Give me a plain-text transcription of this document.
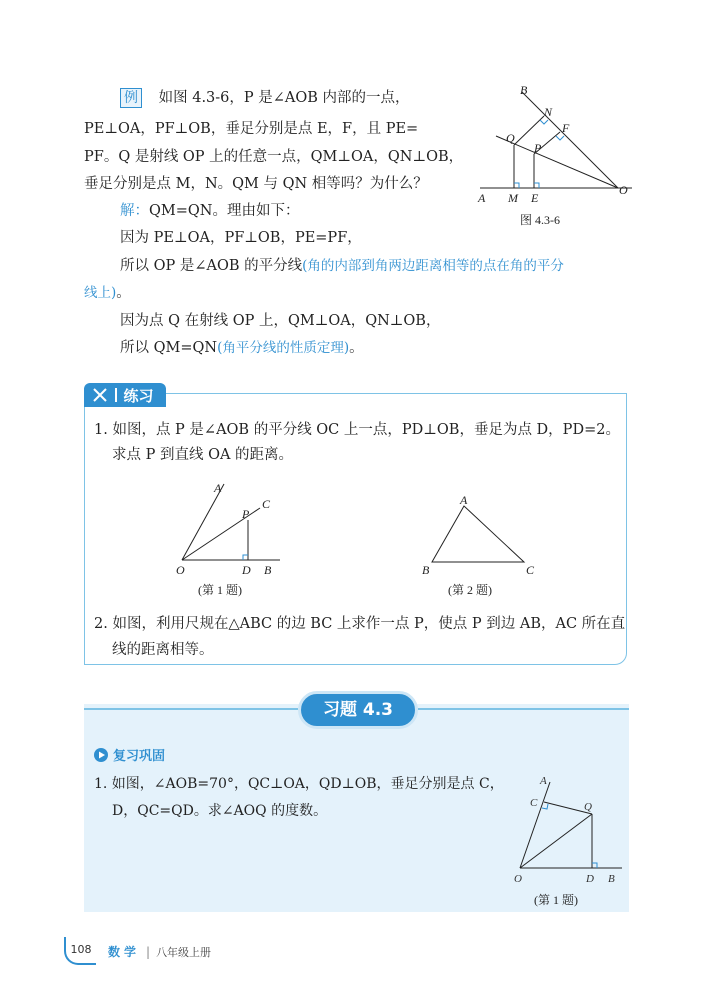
例 如图 4.3-6，P 是∠AOB 内部的一点，
PE⊥OA，PF⊥OB，垂足分别是点 E，F，且 PE=
PF。Q 是射线 OP 上的任意一点，QM⊥OA，QN⊥OB，
垂足分别是点 M，N。QM 与 QN 相等吗？为什么？
解：QM=QN。理由如下：
因为 PE⊥OA，PF⊥OB，PE=PF，
所以 OP 是∠AOB 的平分线(角的内部到角两边距离相等的点在角的平分
线上)。
因为点 Q 在射线 OP 上，QM⊥OA，QN⊥OB，
所以 QM=QN(角平分线的性质定理)。
B
N
F
Q
P
A M E
O
图 4.3-6
练习
1. 如图，点 P 是∠AOB 的平分线 OC 上一点，PD⊥OB，垂足为点 D，PD=2。
求点 P 到直线 OA 的距离。
A
C
P
O	D B
(第 1 题)
A
B	C
(第 2 题)
2. 如图，利用尺规在△ABC 的边 BC 上求作一点 P，使点 P 到边 AB，AC 所在直
线的距离相等。
习题 4.3
复习巩固
1. 如图，∠AOB=70°，QC⊥OA，QD⊥OB，垂足分别是点 C，
D，QC=QD。求∠AOQ 的度数。
A
C	Q
O	D B
(第 1 题)
108	数学 | 八年级上册
